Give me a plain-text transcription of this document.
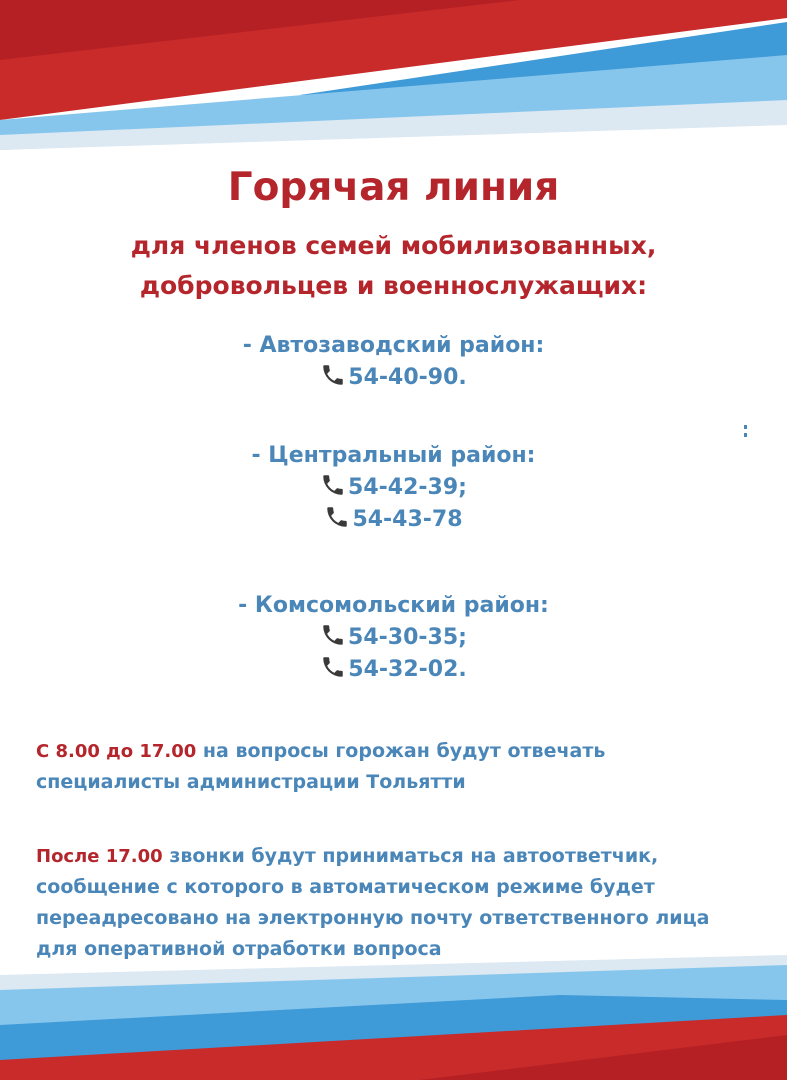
Горячая линия
для членов семей мобилизованных,
добровольцев и военнослужащих:
- Автозаводский район:
54-40-90.
- Центральный район:
54-42-39;
54-43-78
- Комсомольский район:
54-30-35;
54-32-02.

С 8.00 до 17.00 на вопросы горожан будут отвечать специалисты администрации Тольятти

После 17.00 звонки будут приниматься на автоответчик, сообщение с которого в автоматическом режиме будет переадресовано на электронную почту ответственного лица для оперативной отработки вопроса
